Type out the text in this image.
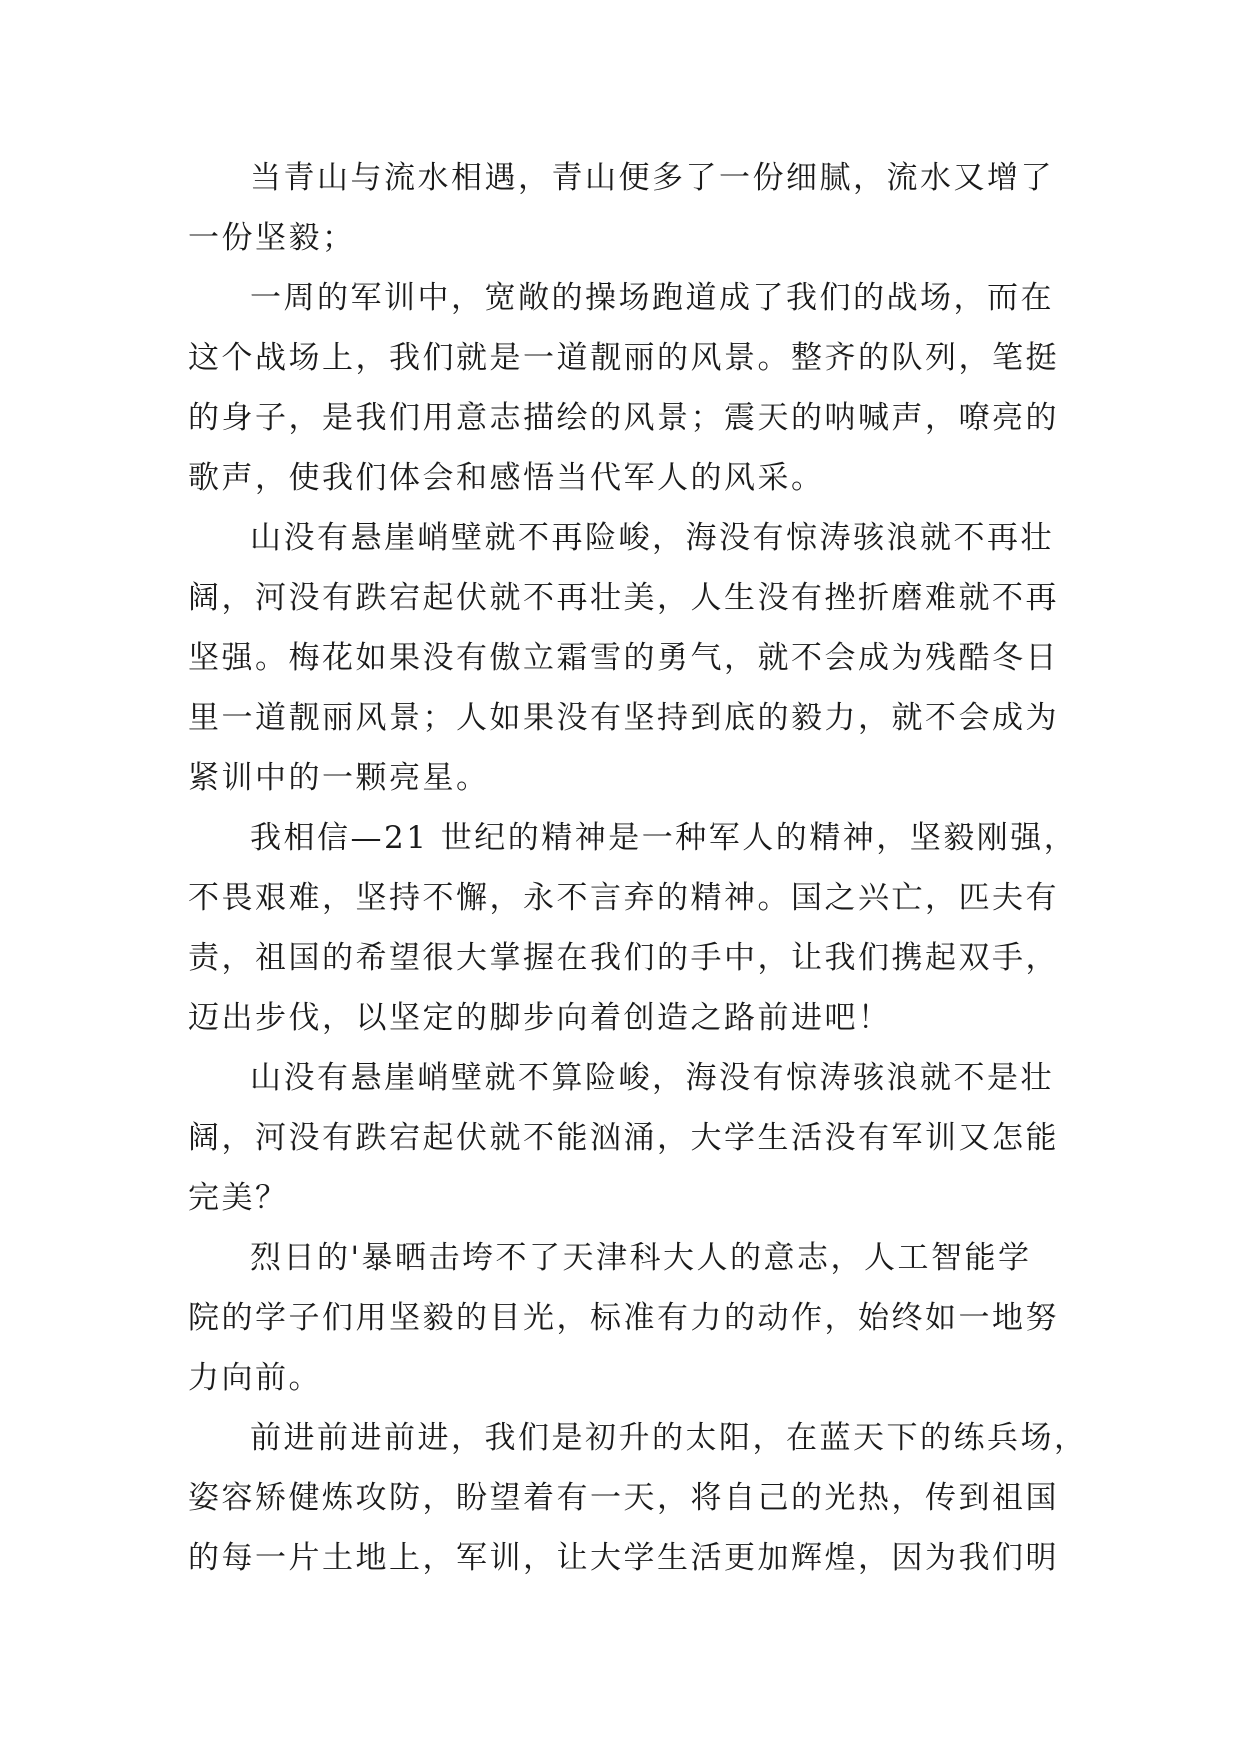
当青山与流水相遇，青山便多了一份细腻，流水又增了
一份坚毅；
一周的军训中，宽敞的操场跑道成了我们的战场，而在
这个战场上，我们就是一道靓丽的风景。整齐的队列，笔挺
的身子，是我们用意志描绘的风景；震天的呐喊声，嘹亮的
歌声，使我们体会和感悟当代军人的风采。
山没有悬崖峭壁就不再险峻，海没有惊涛骇浪就不再壮
阔，河没有跌宕起伏就不再壮美，人生没有挫折磨难就不再
坚强。梅花如果没有傲立霜雪的勇气，就不会成为残酷冬日
里一道靓丽风景；人如果没有坚持到底的毅力，就不会成为
紧训中的一颗亮星。
我相信—21 世纪的精神是一种军人的精神，坚毅刚强，
不畏艰难，坚持不懈，永不言弃的精神。国之兴亡，匹夫有
责，祖国的希望很大掌握在我们的手中，让我们携起双手，
迈出步伐，以坚定的脚步向着创造之路前进吧！
山没有悬崖峭壁就不算险峻，海没有惊涛骇浪就不是壮
阔，河没有跌宕起伏就不能汹涌，大学生活没有军训又怎能
完美？
烈日的'暴晒击垮不了天津科大人的意志，人工智能学
院的学子们用坚毅的目光，标准有力的动作，始终如一地努
力向前。
前进前进前进，我们是初升的太阳，在蓝天下的练兵场，
姿容矫健炼攻防，盼望着有一天，将自己的光热，传到祖国
的每一片土地上，军训，让大学生活更加辉煌，因为我们明
